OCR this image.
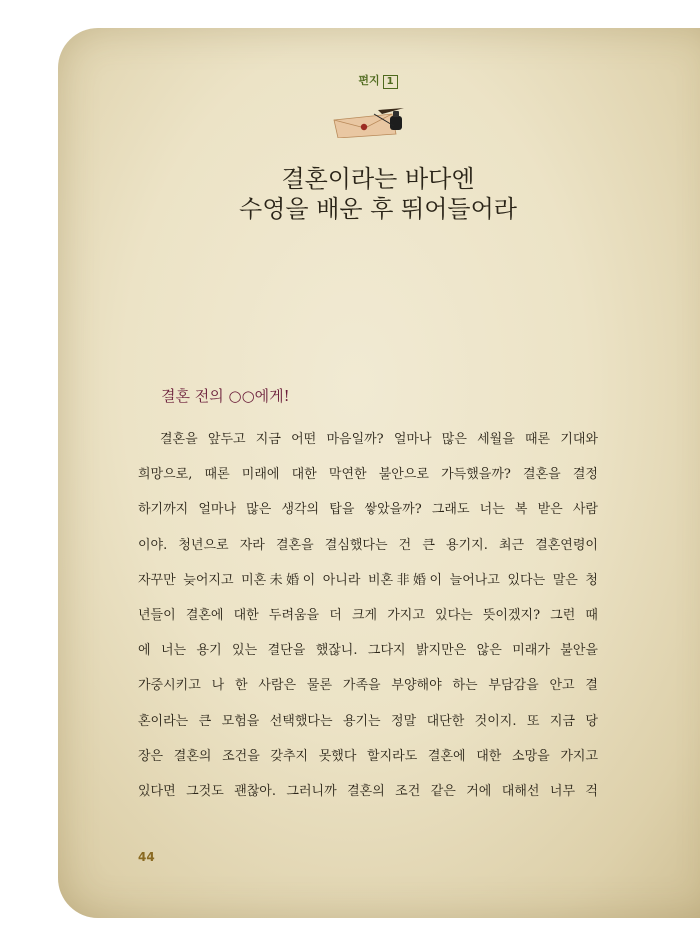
편지 1
결혼이라는 바다엔
수영을 배운 후 뛰어들어라
결혼 전의 ○○에게!
결혼을 앞두고 지금 어떤 마음일까? 얼마나 많은 세월을 때론 기대와
희망으로, 때론 미래에 대한 막연한 불안으로 가득했을까? 결혼을 결정
하기까지 얼마나 많은 생각의 탑을 쌓았을까? 그래도 너는 복 받은 사람
이야. 청년으로 자라 결혼을 결심했다는 건 큰 용기지. 최근 결혼연령이
자꾸만 늦어지고 미혼未婚이 아니라 비혼非婚이 늘어나고 있다는 말은 청
년들이 결혼에 대한 두려움을 더 크게 가지고 있다는 뜻이겠지? 그런 때
에 너는 용기 있는 결단을 했잖니. 그다지 밝지만은 않은 미래가 불안을
가중시키고 나 한 사람은 물론 가족을 부양해야 하는 부담감을 안고 결
혼이라는 큰 모험을 선택했다는 용기는 정말 대단한 것이지. 또 지금 당
장은 결혼의 조건을 갖추지 못했다 할지라도 결혼에 대한 소망을 가지고
있다면 그것도 괜찮아. 그러니까 결혼의 조건 같은 거에 대해선 너무 걱
44
